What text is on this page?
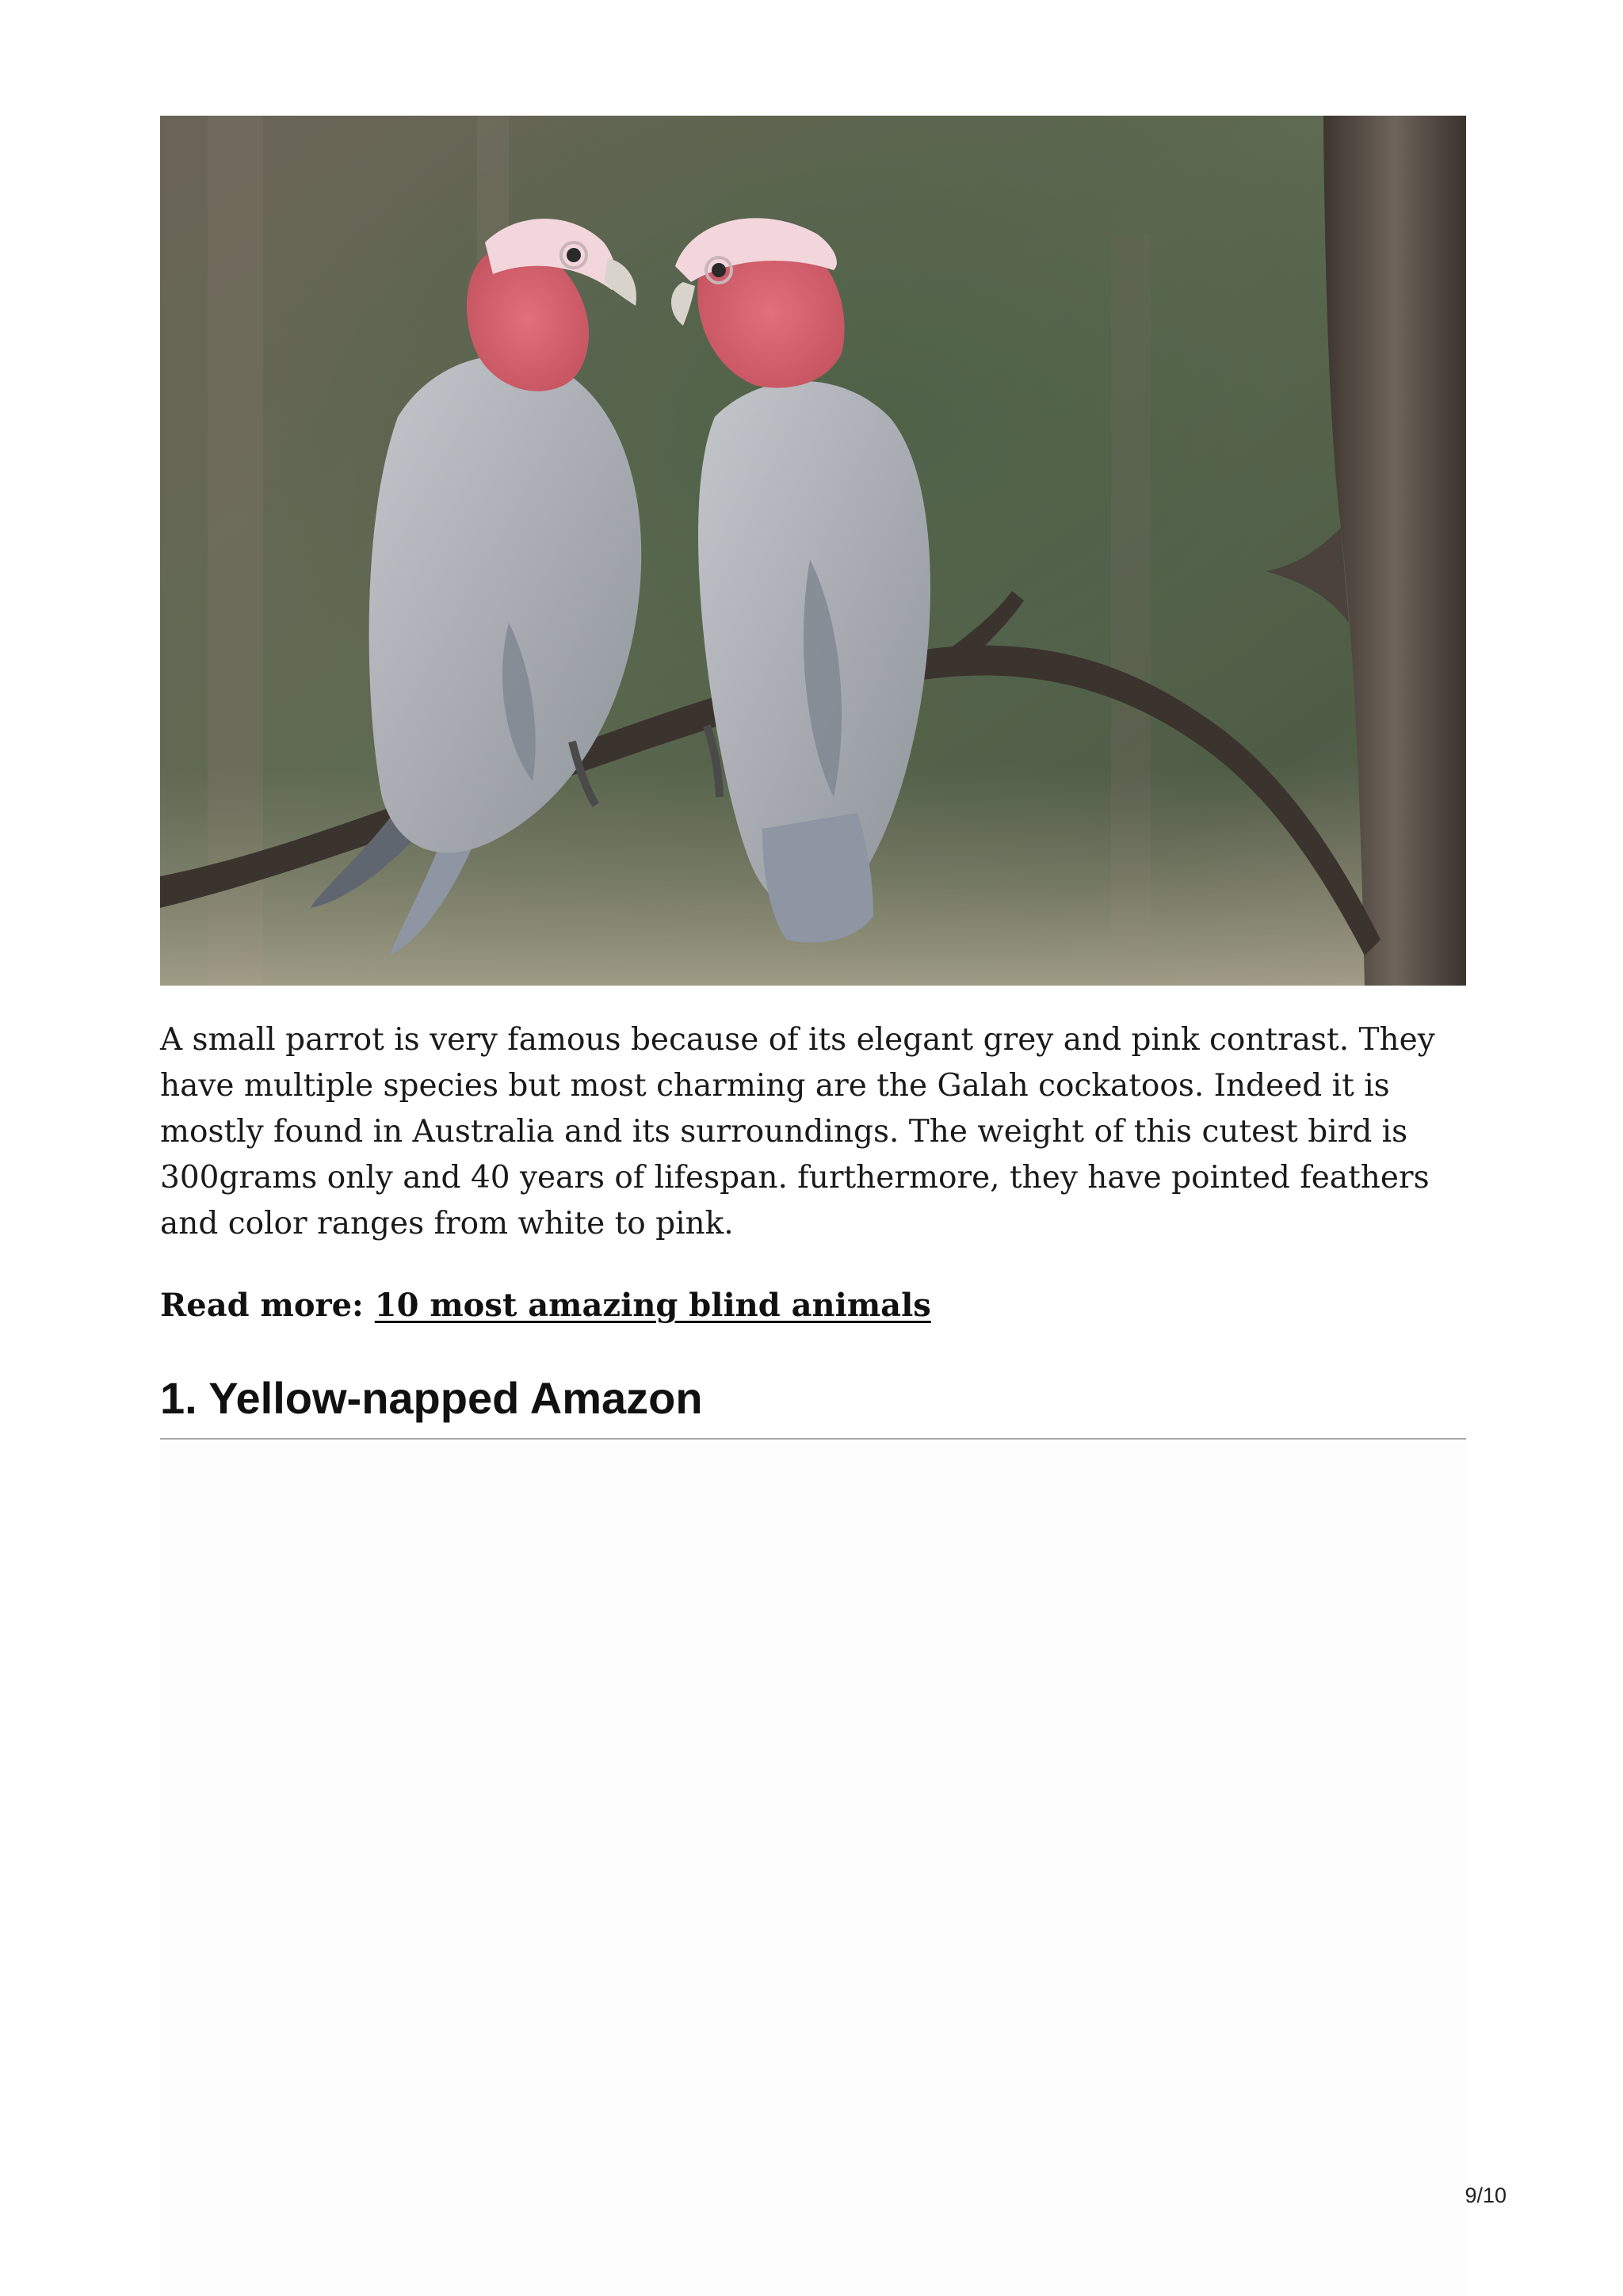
A small parrot is very famous because of its elegant grey and pink contrast. They have multiple species but most charming are the Galah cockatoos. Indeed it is mostly found in Australia and its surroundings. The weight of this cutest bird is 300grams only and 40 years of lifespan. furthermore, they have pointed feathers and color ranges from white to pink.

Read more: 10 most amazing blind animals

1. Yellow-napped Amazon

9/10
